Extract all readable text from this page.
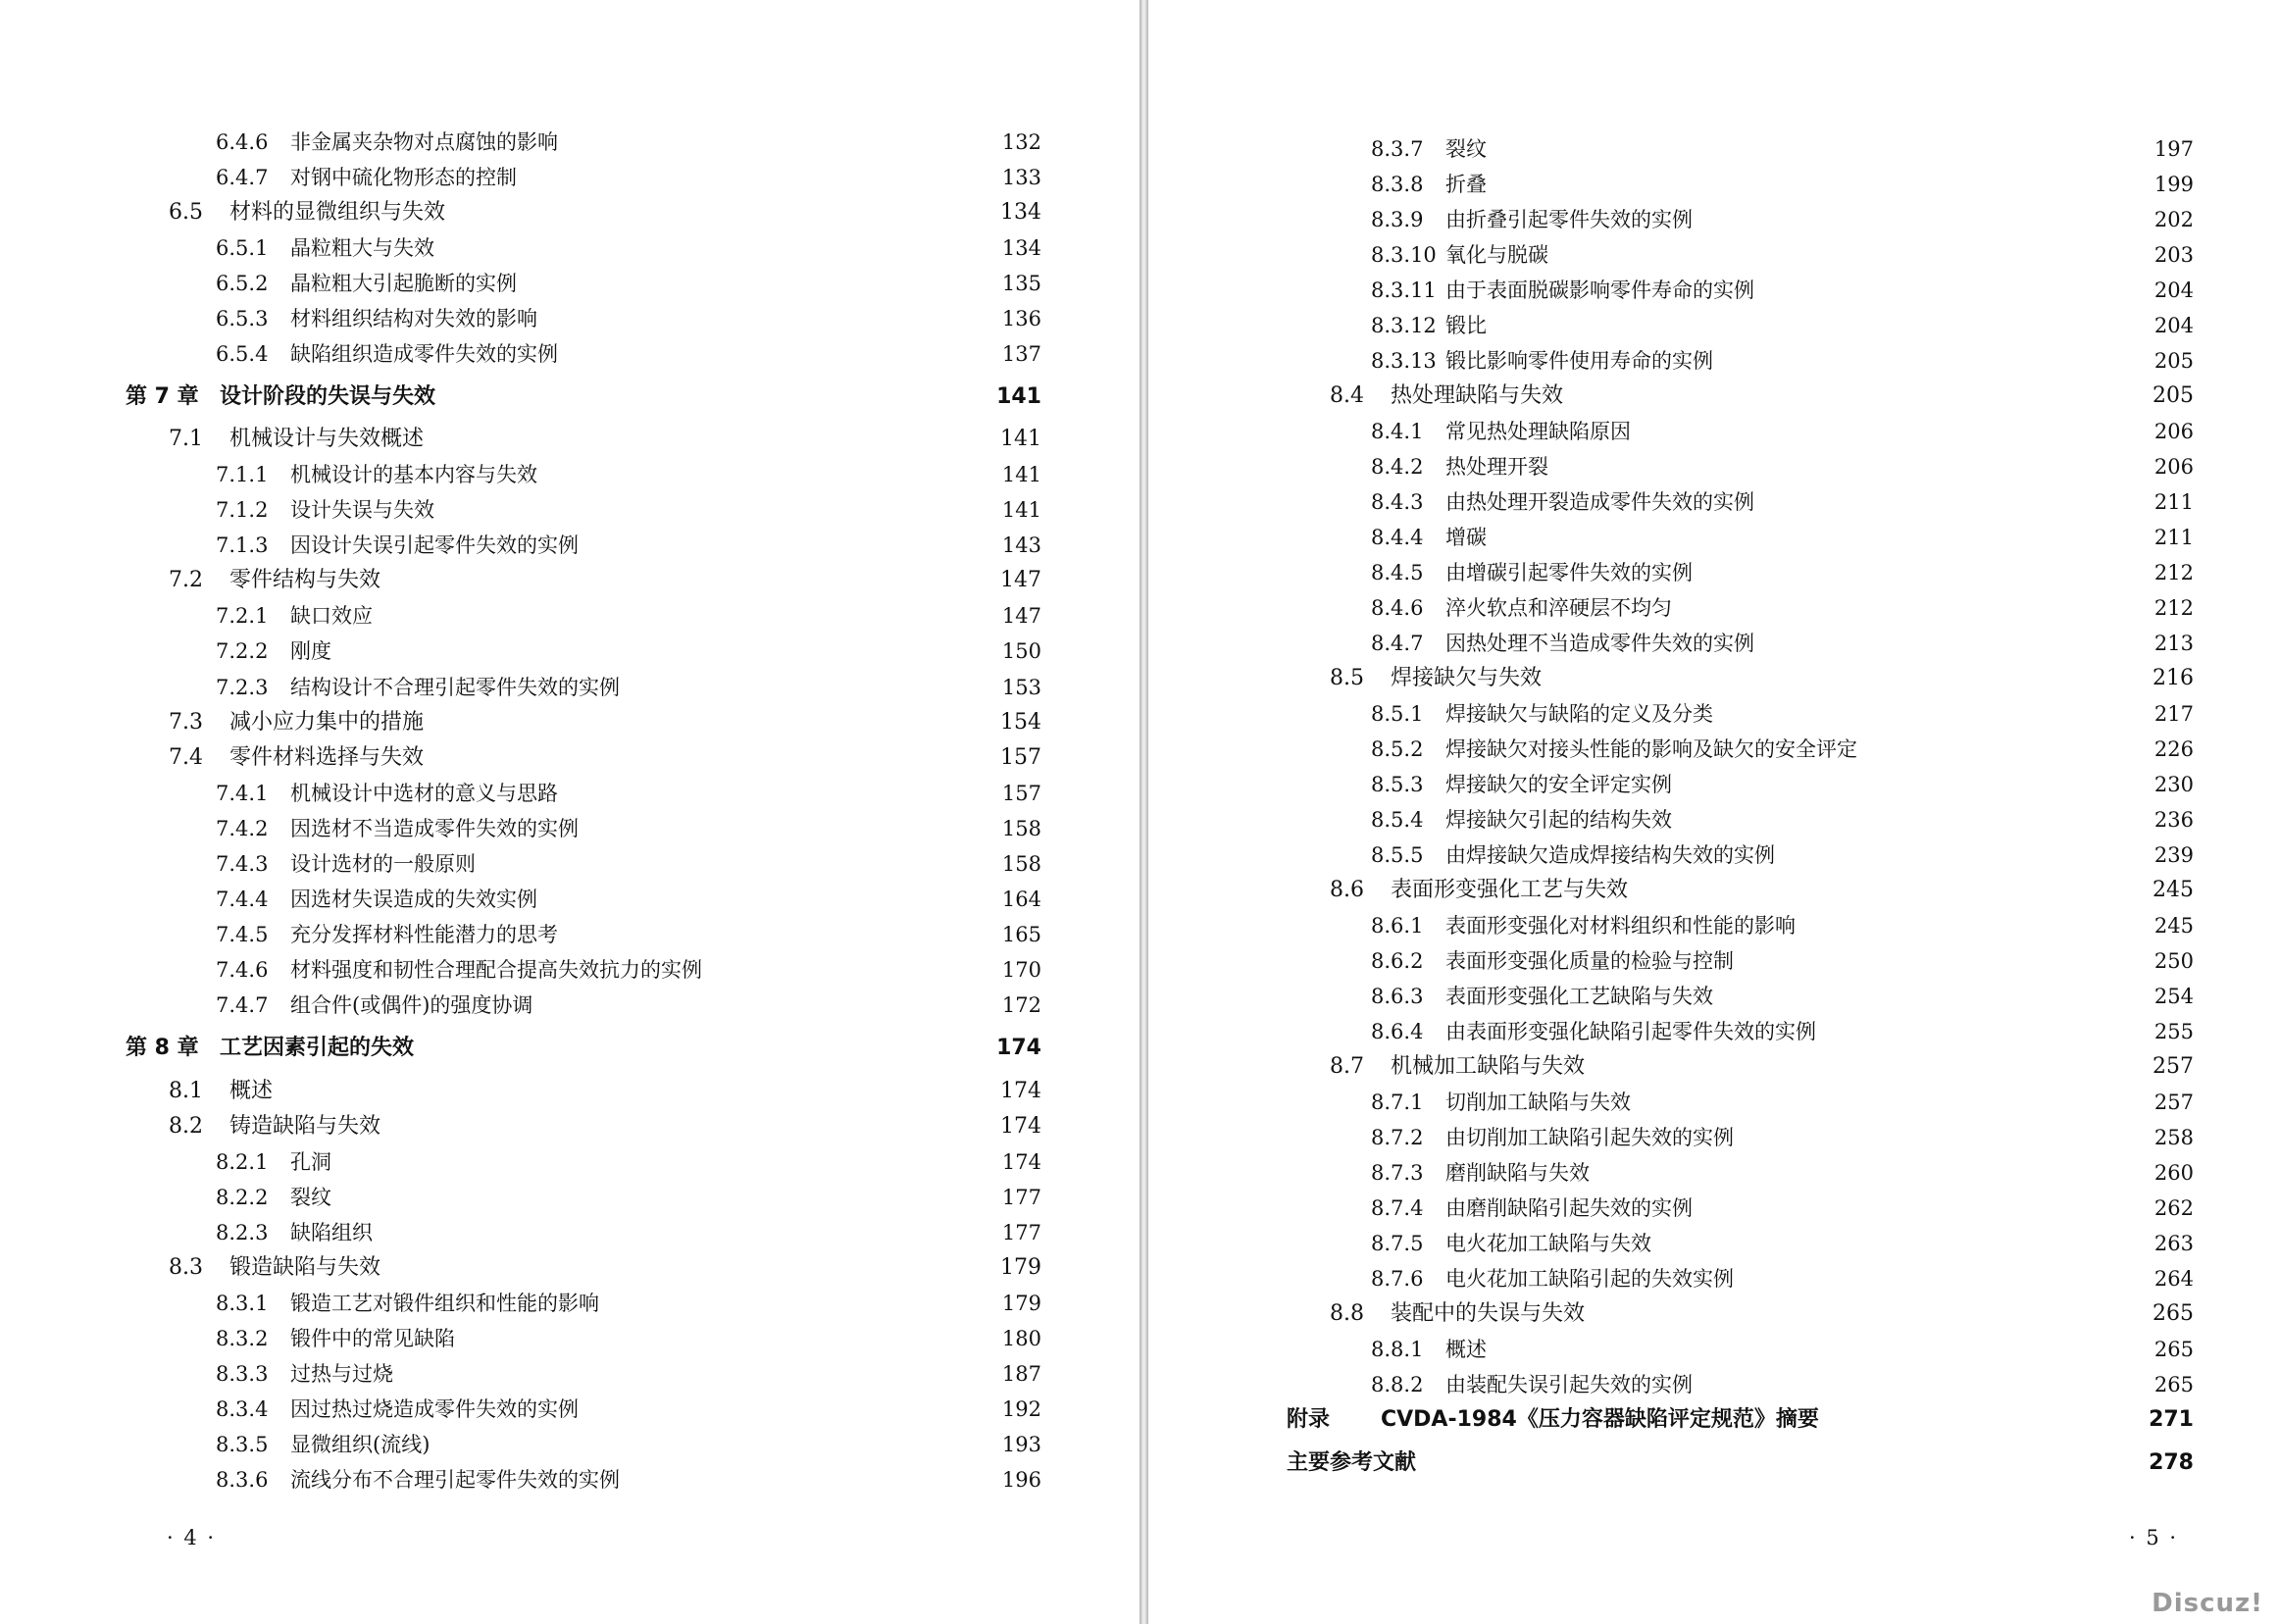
6.4.6 非金属夹杂物对点腐蚀的影响	132
6.4.7 对钢中硫化物形态的控制	133
6.5 材料的显微组织与失效	134
6.5.1 晶粒粗大与失效	134
6.5.2 晶粒粗大引起脆断的实例	135
6.5.3 材料组织结构对失效的影响	136
6.5.4 缺陷组织造成零件失效的实例	137
第 7 章 设计阶段的失误与失效	141
7.1 机械设计与失效概述	141
7.1.1 机械设计的基本内容与失效	141
7.1.2 设计失误与失效	141
7.1.3 因设计失误引起零件失效的实例	143
7.2 零件结构与失效	147
7.2.1 缺口效应	147
7.2.2 刚度	150
7.2.3 结构设计不合理引起零件失效的实例	153
7.3 减小应力集中的措施	154
7.4 零件材料选择与失效	157
7.4.1 机械设计中选材的意义与思路	157
7.4.2 因选材不当造成零件失效的实例	158
7.4.3 设计选材的一般原则	158
7.4.4 因选材失误造成的失效实例	164
7.4.5 充分发挥材料性能潜力的思考	165
7.4.6 材料强度和韧性合理配合提高失效抗力的实例	170
7.4.7 组合件(或偶件)的强度协调	172
第 8 章 工艺因素引起的失效	174
8.1 概述	174
8.2 铸造缺陷与失效	174
8.2.1 孔洞	174
8.2.2 裂纹	177
8.2.3 缺陷组织	177
8.3 锻造缺陷与失效	179
8.3.1 锻造工艺对锻件组织和性能的影响	179
8.3.2 锻件中的常见缺陷	180
8.3.3 过热与过烧	187
8.3.4 因过热过烧造成零件失效的实例	192
8.3.5 显微组织(流线)	193
8.3.6 流线分布不合理引起零件失效的实例	196
· 4 ·
8.3.7 裂纹	197
8.3.8 折叠	199
8.3.9 由折叠引起零件失效的实例	202
8.3.10 氧化与脱碳	203
8.3.11 由于表面脱碳影响零件寿命的实例	204
8.3.12 锻比	204
8.3.13 锻比影响零件使用寿命的实例	205
8.4 热处理缺陷与失效	205
8.4.1 常见热处理缺陷原因	206
8.4.2 热处理开裂	206
8.4.3 由热处理开裂造成零件失效的实例	211
8.4.4 增碳	211
8.4.5 由增碳引起零件失效的实例	212
8.4.6 淬火软点和淬硬层不均匀	212
8.4.7 因热处理不当造成零件失效的实例	213
8.5 焊接缺欠与失效	216
8.5.1 焊接缺欠与缺陷的定义及分类	217
8.5.2 焊接缺欠对接头性能的影响及缺欠的安全评定	226
8.5.3 焊接缺欠的安全评定实例	230
8.5.4 焊接缺欠引起的结构失效	236
8.5.5 由焊接缺欠造成焊接结构失效的实例	239
8.6 表面形变强化工艺与失效	245
8.6.1 表面形变强化对材料组织和性能的影响	245
8.6.2 表面形变强化质量的检验与控制	250
8.6.3 表面形变强化工艺缺陷与失效	254
8.6.4 由表面形变强化缺陷引起零件失效的实例	255
8.7 机械加工缺陷与失效	257
8.7.1 切削加工缺陷与失效	257
8.7.2 由切削加工缺陷引起失效的实例	258
8.7.3 磨削缺陷与失效	260
8.7.4 由磨削缺陷引起失效的实例	262
8.7.5 电火花加工缺陷与失效	263
8.7.6 电火花加工缺陷引起的失效实例	264
8.8 装配中的失误与失效	265
8.8.1 概述	265
8.8.2 由装配失误引起失效的实例	265
附录 CVDA-1984《压力容器缺陷评定规范》摘要	271
主要参考文献	278
· 5 ·
Discuz!
